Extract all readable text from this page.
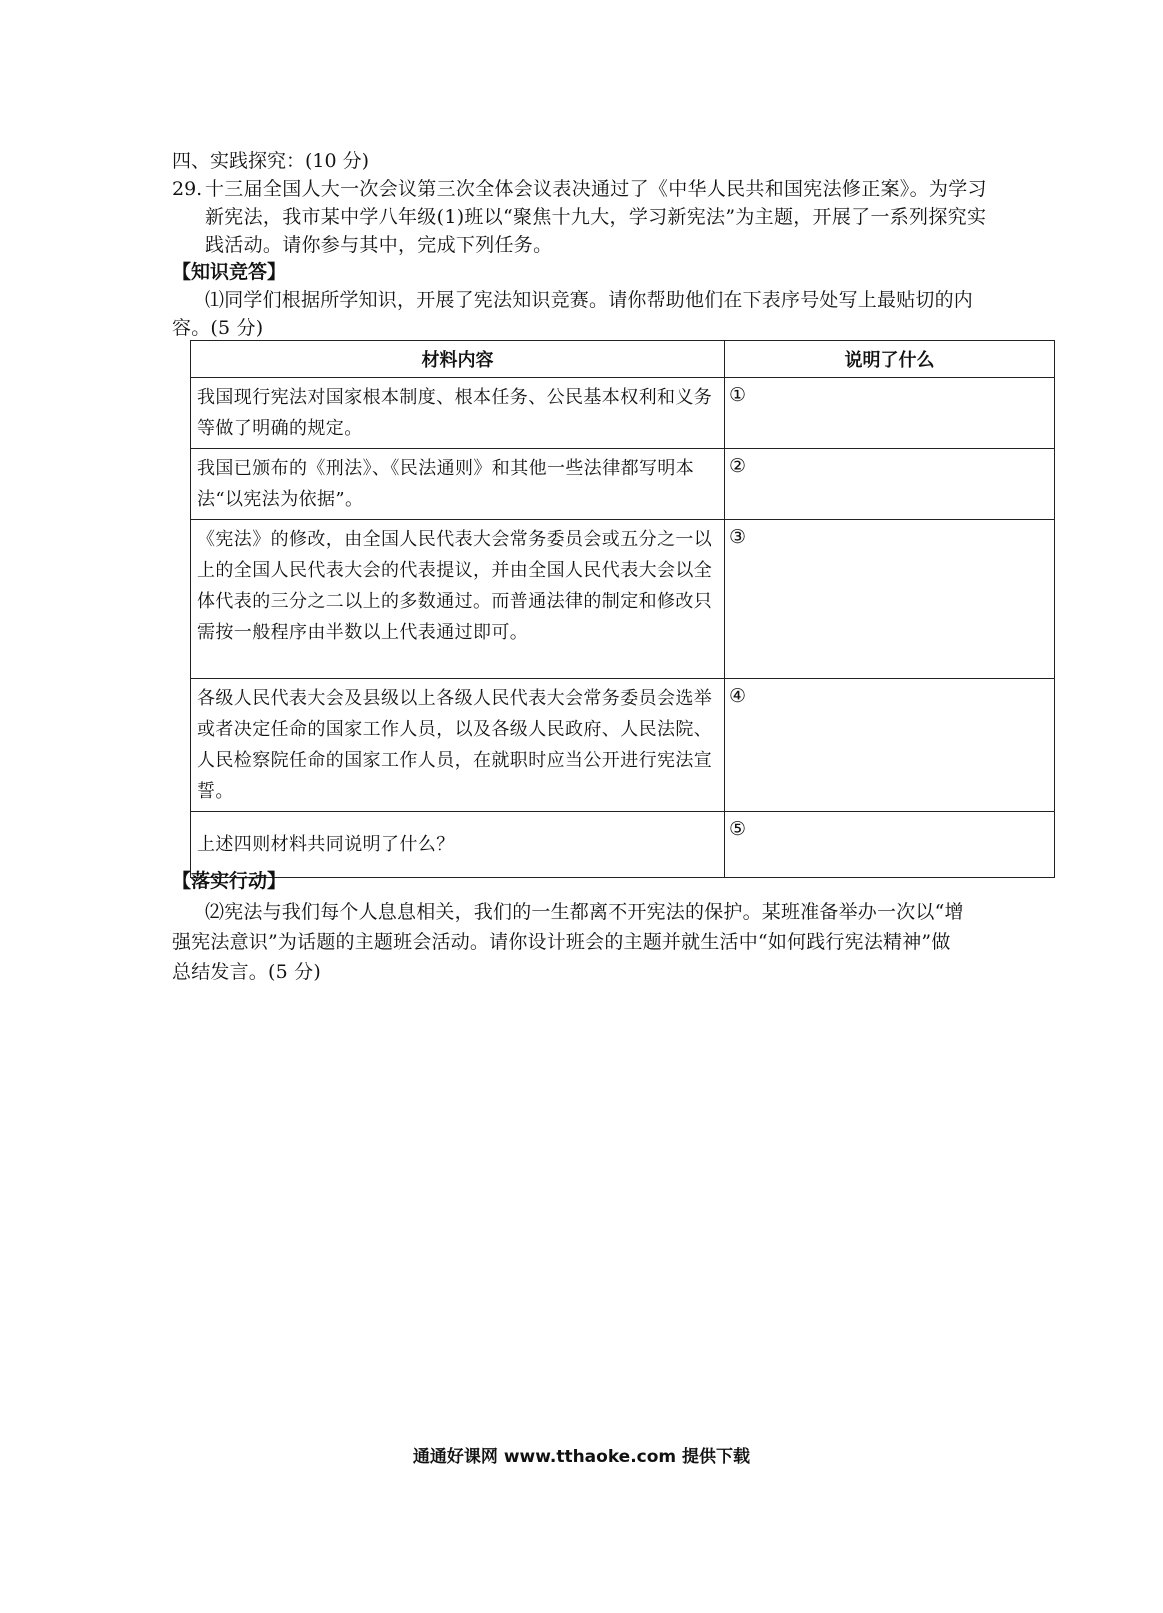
四、实践探究：(10 分)
29. 十三届全国人大一次会议第三次全体会议表决通过了《中华人民共和国宪法修正案》。为学习
新宪法，我市某中学八年级(1)班以“聚焦十九大，学习新宪法”为主题，开展了一系列探究实
践活动。请你参与其中，完成下列任务。
【知识竞答】
⑴同学们根据所学知识，开展了宪法知识竞赛。请你帮助他们在下表序号处写上最贴切的内
容。(5 分)
材料内容	说明了什么

我国现行宪法对国家根本制度、根本任务、公民基本权利和义务等做了明确的规定。	①

我国已颁布的《刑法》、《民法通则》和其他一些法律都写明本法“以宪法为依据”。	②

《宪法》的修改，由全国人民代表大会常务委员会或五分之一以上的全国人民代表大会的代表提议，并由全国人民代表大会以全体代表的三分之二以上的多数通过。而普通法律的制定和修改只需按一般程序由半数以上代表通过即可。	③

各级人民代表大会及县级以上各级人民代表大会常务委员会选举或者决定任命的国家工作人员，以及各级人民政府、人民法院、人民检察院任命的国家工作人员，在就职时应当公开进行宪法宣誓。	④

上述四则材料共同说明了什么？	⑤
【落实行动】
⑵宪法与我们每个人息息相关，我们的一生都离不开宪法的保护。某班准备举办一次以“增
强宪法意识”为话题的主题班会活动。请你设计班会的主题并就生活中“如何践行宪法精神”做
总结发言。(5 分)
通通好课网 www.tthaoke.com 提供下载
